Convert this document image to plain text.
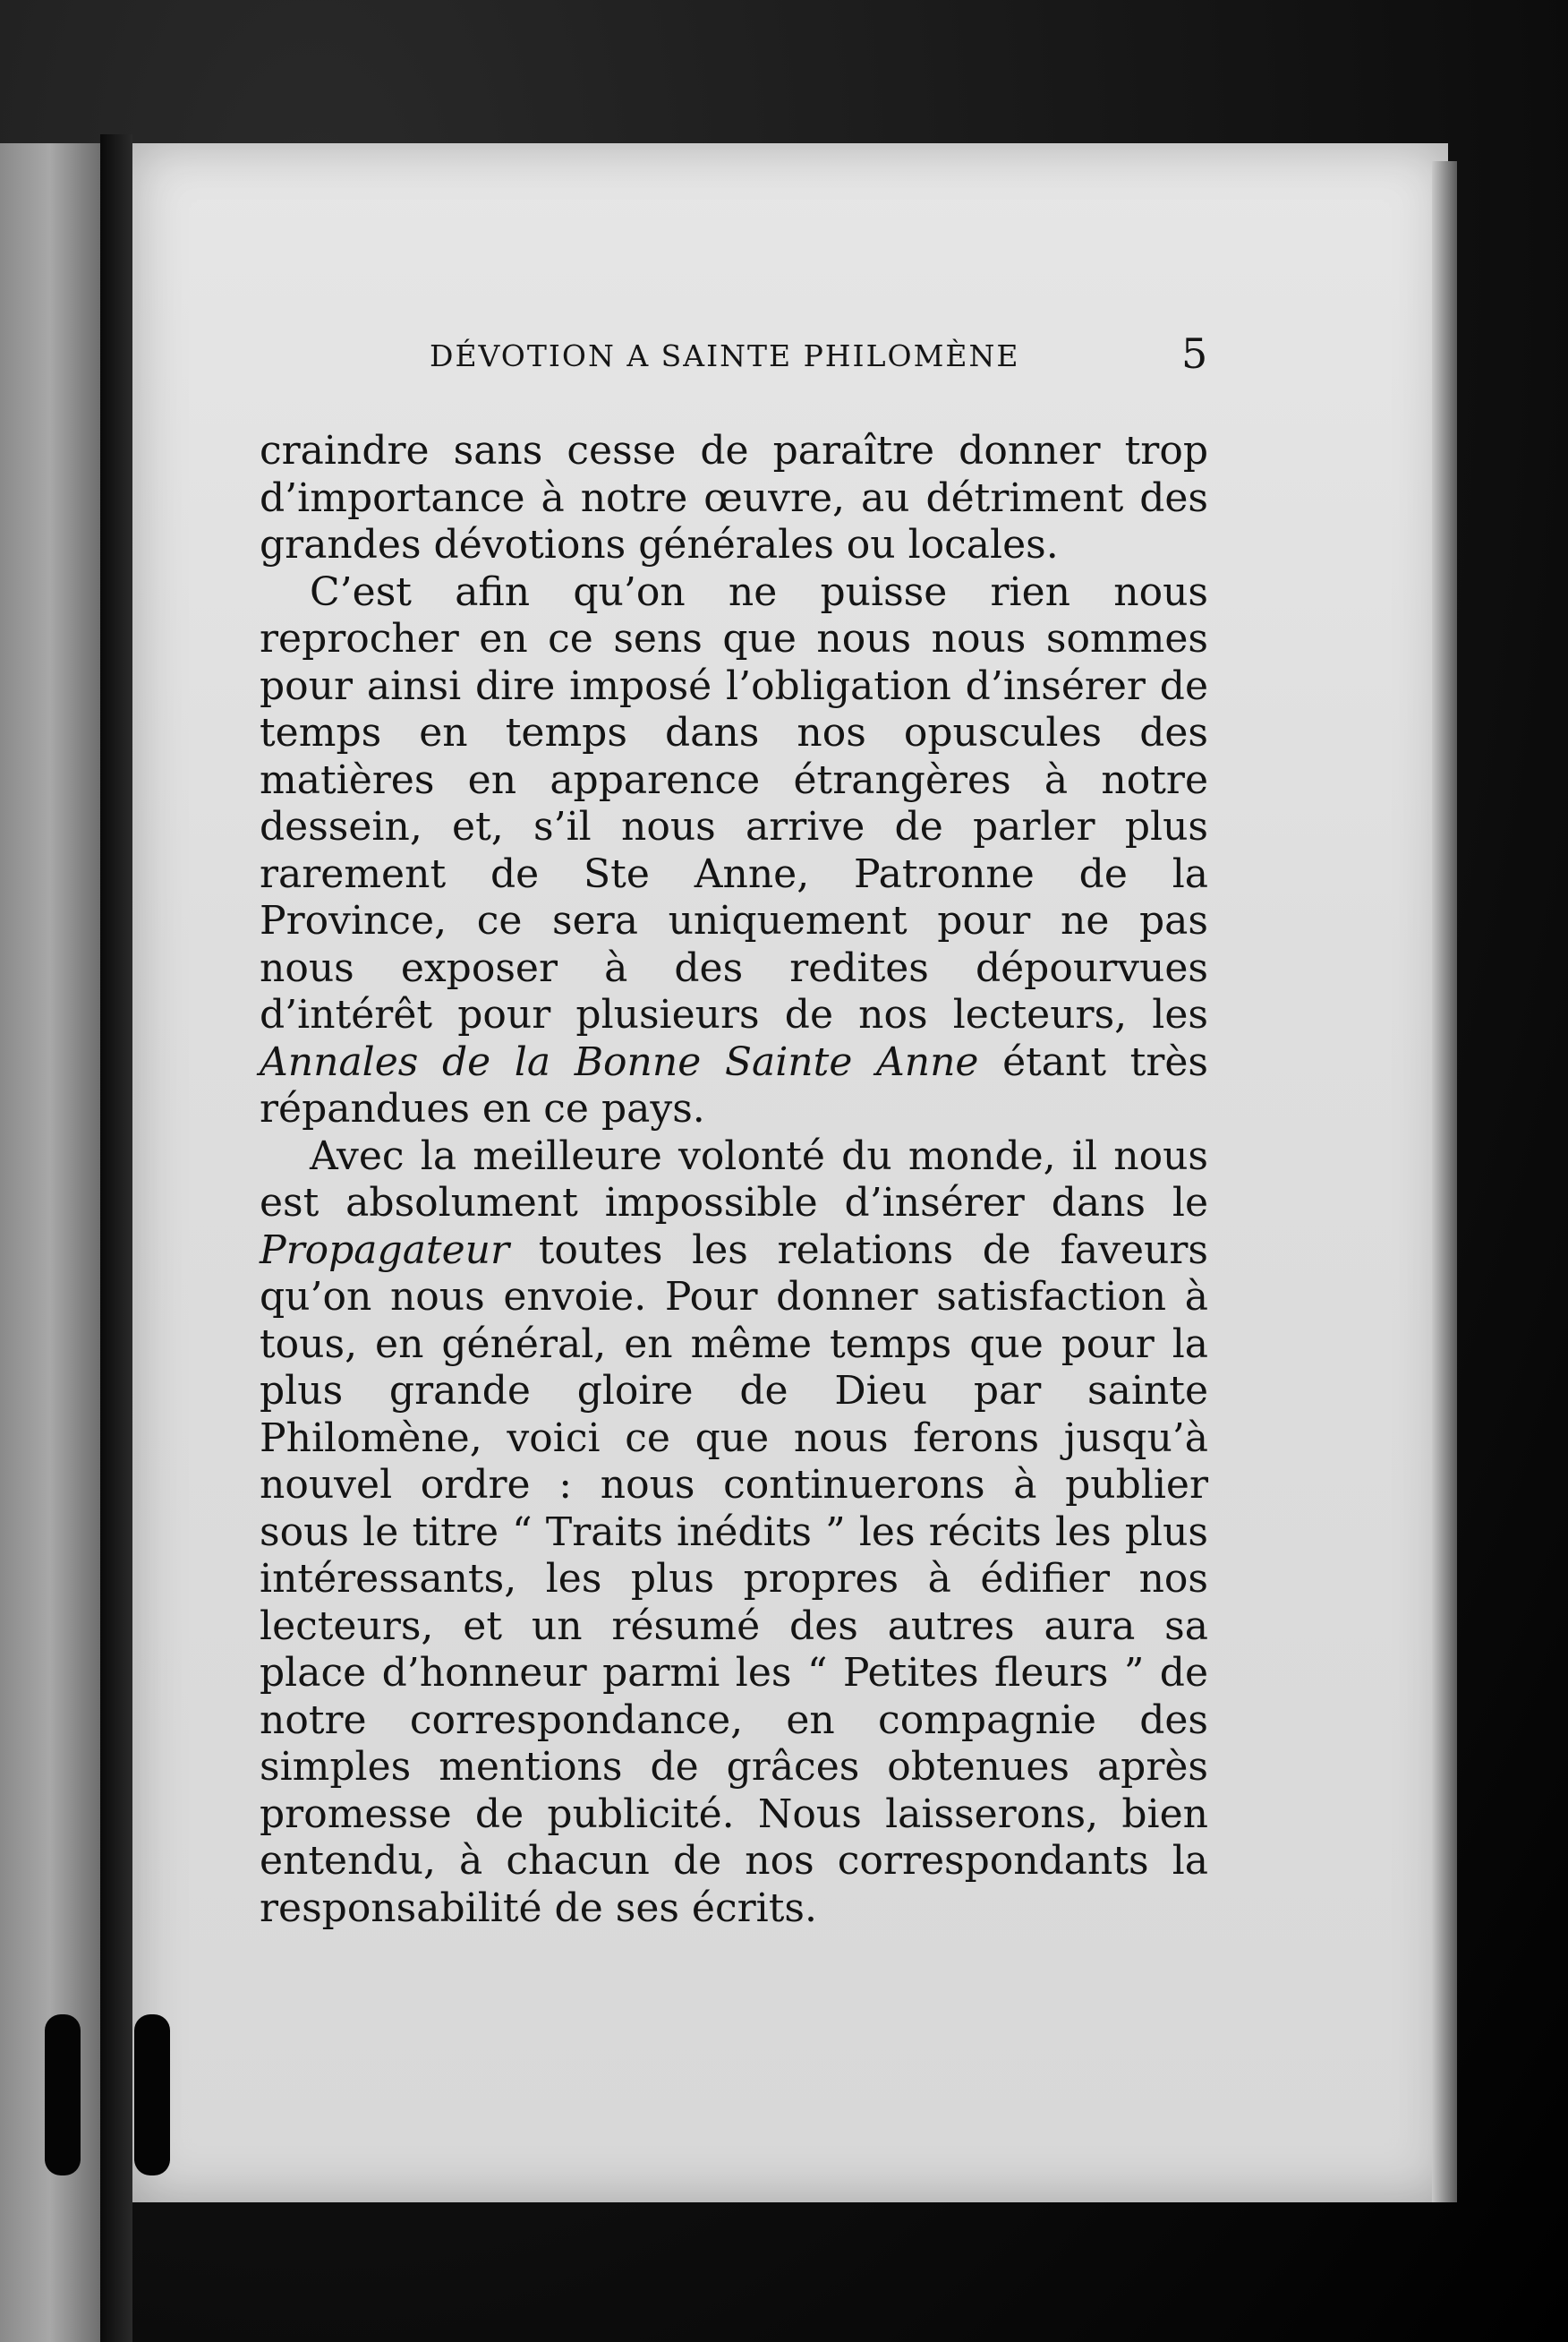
DÉVOTION A SAINTE PHILOMÈNE	5

craindre sans cesse de paraître donner trop d’importance à notre œuvre, au détriment des grandes dévotions générales ou locales.

C’est afin qu’on ne puisse rien nous reprocher en ce sens que nous nous sommes pour ainsi dire imposé l’obligation d’insérer de temps en temps dans nos opuscules des matières en apparence étrangères à notre dessein, et, s’il nous arrive de parler plus rarement de Ste Anne, Patronne de la Province, ce sera uniquement pour ne pas nous exposer à des redites dépourvues d’intérêt pour plusieurs de nos lecteurs, les Annales de la Bonne Sainte Anne étant très répandues en ce pays.

Avec la meilleure volonté du monde, il nous est absolument impossible d’insérer dans le Propagateur toutes les relations de faveurs qu’on nous envoie. Pour donner satisfaction à tous, en général, en même temps que pour la plus grande gloire de Dieu par sainte Philomène, voici ce que nous ferons jusqu’à nouvel ordre : nous continuerons à publier sous le titre “ Traits inédits ” les récits les plus intéressants, les plus propres à édifier nos lecteurs, et un résumé des autres aura sa place d’honneur parmi les “ Petites fleurs ” de notre correspondance, en compagnie des simples mentions de grâces obtenues après promesse de publicité. Nous laisserons, bien entendu, à chacun de nos correspondants la responsabilité de ses écrits.
